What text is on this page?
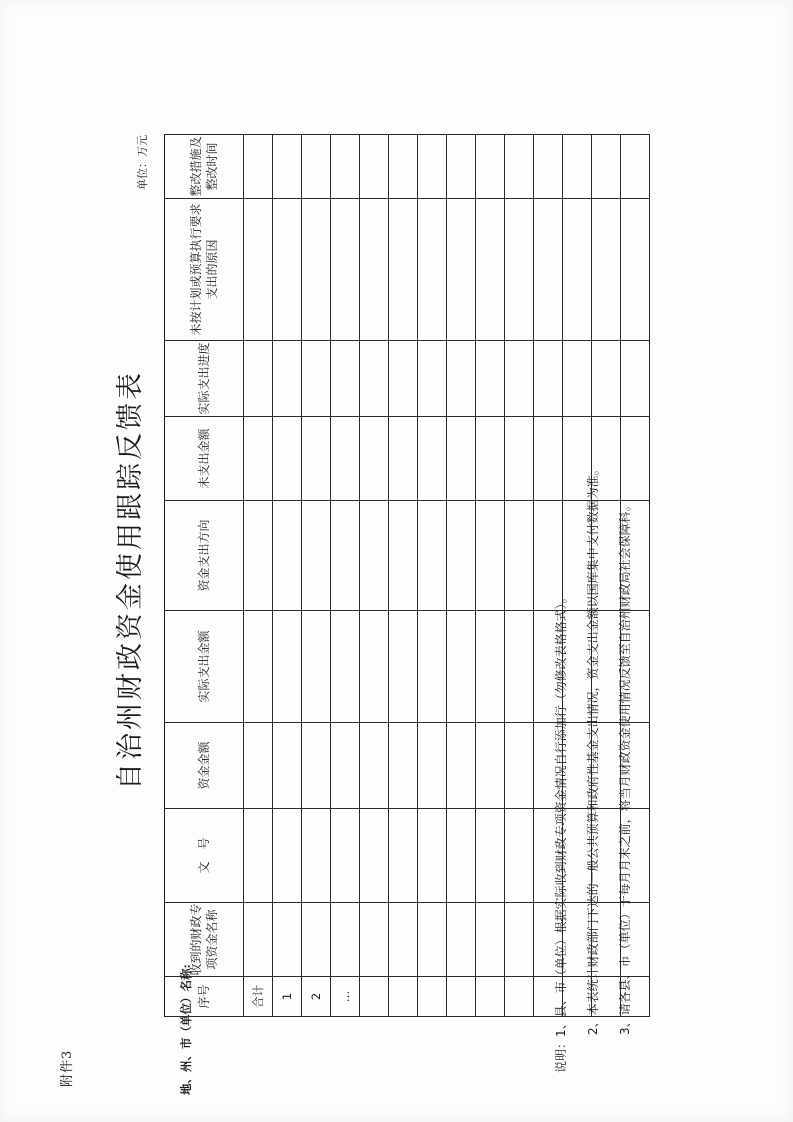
附件3
自治州财政资金使用跟踪反馈表
地、州、市（单位）名称:
单位：万元
序号	收到的财政专项资金名称	文　号	资金金额	实际支出金额	资金支出方向	未支出金额	实际支出进度	未按计划或预算执行要求支出的原因	整改措施及整改时间
合计									
1									
2									
…									

										说明：1、县、市（单位）根据实际收到财政专项资金情况自行添加行（勿修改表格格式）。	2、本表统计财政部门下达的一般公共预算和政府性基金支出情况，资金支出金额以国库集中支付数据为准。	3、请各县、市（单位）于每月月末之前，将当月财政资金使用情况反馈至自治州财政局社会保障科。
